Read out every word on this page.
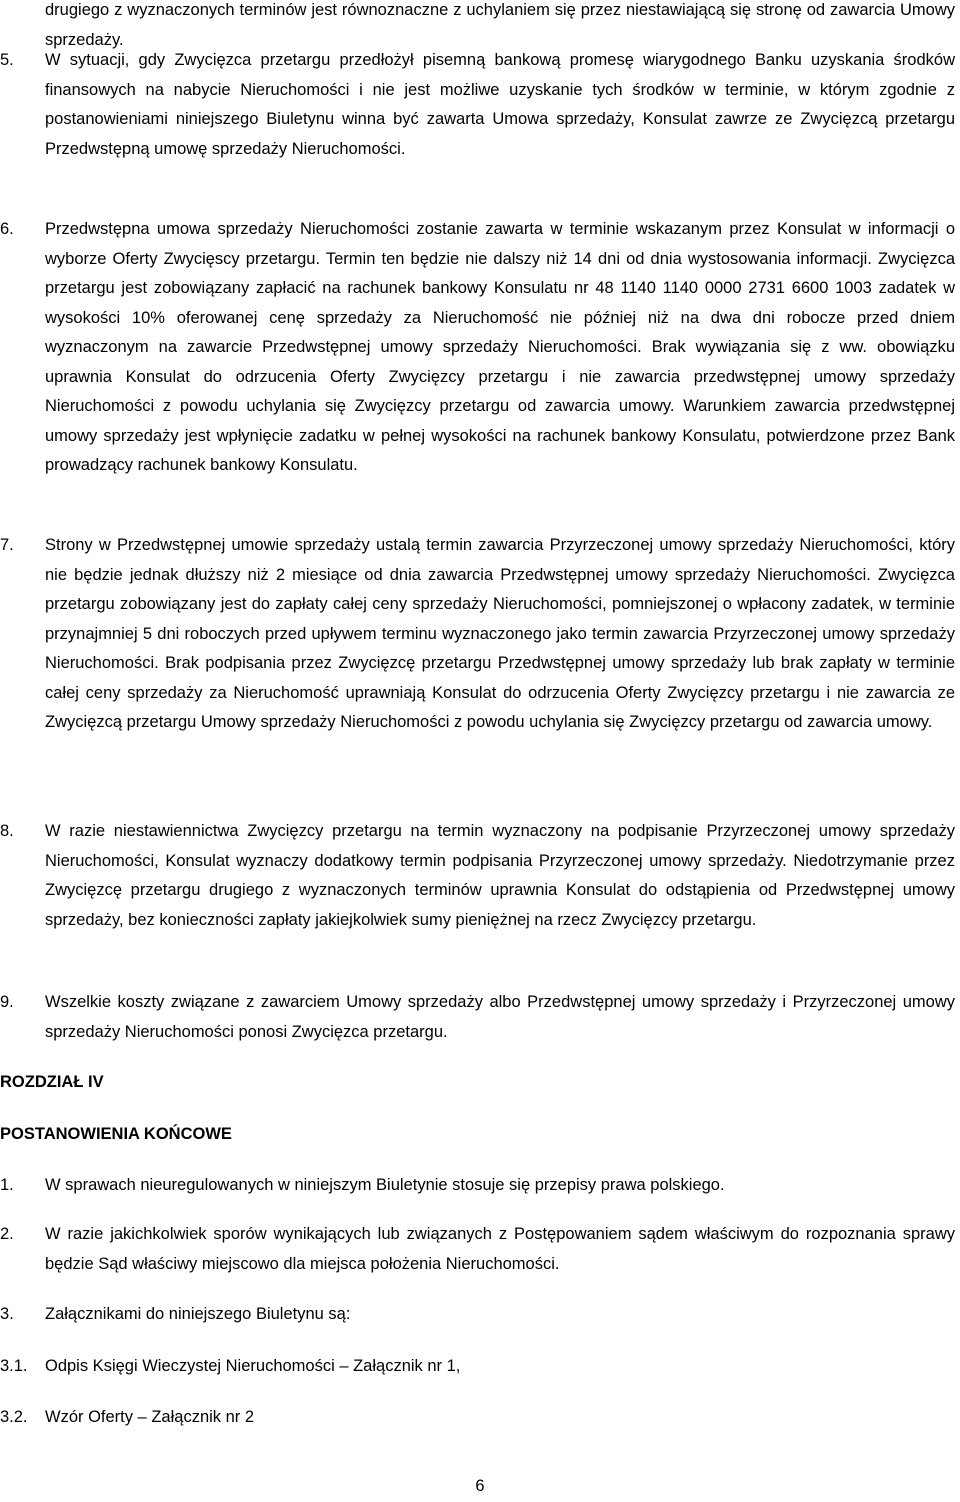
drugiego z wyznaczonych terminów jest równoznaczne z uchylaniem się przez niestawiającą się stronę od zawarcia Umowy sprzedaży.
5.	W sytuacji, gdy Zwycięzca przetargu przedłożył pisemną bankową promesę wiarygodnego Banku uzyskania środków finansowych na nabycie Nieruchomości i nie jest możliwe uzyskanie tych środków w terminie, w którym zgodnie z postanowieniami niniejszego Biuletynu winna być zawarta Umowa sprzedaży, Konsulat zawrze ze Zwycięzcą przetargu Przedwstępną umowę sprzedaży Nieruchomości.
6.	Przedwstępna umowa sprzedaży Nieruchomości zostanie zawarta w terminie wskazanym przez Konsulat w informacji o wyborze Oferty Zwycięscy przetargu. Termin ten będzie nie dalszy niż 14 dni od dnia wystosowania informacji. Zwycięzca przetargu jest zobowiązany zapłacić na rachunek bankowy Konsulatu nr 48 1140 1140 0000 2731 6600 1003 zadatek w wysokości 10% oferowanej cenę sprzedaży za Nieruchomość nie później niż na dwa dni robocze przed dniem wyznaczonym na zawarcie Przedwstępnej umowy sprzedaży Nieruchomości. Brak wywiązania się z ww. obowiązku uprawnia Konsulat do odrzucenia Oferty Zwycięzcy przetargu i nie zawarcia przedwstępnej umowy sprzedaży Nieruchomości z powodu uchylania się Zwycięzcy przetargu od zawarcia umowy. Warunkiem zawarcia przedwstępnej umowy sprzedaży jest wpłynięcie zadatku w pełnej wysokości na rachunek bankowy Konsulatu, potwierdzone przez Bank prowadzący rachunek bankowy Konsulatu.
7.	Strony w Przedwstępnej umowie sprzedaży ustalą termin zawarcia Przyrzeczonej umowy sprzedaży Nieruchomości, który nie będzie jednak dłuższy niż 2 miesiące od dnia zawarcia Przedwstępnej umowy sprzedaży Nieruchomości. Zwycięzca przetargu zobowiązany jest do zapłaty całej ceny sprzedaży Nieruchomości, pomniejszonej o wpłacony zadatek, w terminie przynajmniej 5 dni roboczych przed upływem terminu wyznaczonego jako termin zawarcia Przyrzeczonej umowy sprzedaży Nieruchomości. Brak podpisania przez Zwycięzcę przetargu Przedwstępnej umowy sprzedaży lub brak zapłaty w terminie całej ceny sprzedaży za Nieruchomość uprawniają Konsulat do odrzucenia Oferty Zwycięzcy przetargu i nie zawarcia ze Zwycięzcą przetargu Umowy sprzedaży Nieruchomości z powodu uchylania się Zwycięzcy przetargu od zawarcia umowy.
8.	W razie niestawiennictwa Zwycięzcy przetargu na termin wyznaczony na podpisanie Przyrzeczonej umowy sprzedaży Nieruchomości, Konsulat wyznaczy dodatkowy termin podpisania Przyrzeczonej umowy sprzedaży. Niedotrzymanie przez Zwycięzcę przetargu drugiego z wyznaczonych terminów uprawnia Konsulat do odstąpienia od Przedwstępnej umowy sprzedaży, bez konieczności zapłaty jakiejkolwiek sumy pieniężnej na rzecz Zwycięzcy przetargu.
9.	Wszelkie koszty związane z zawarciem Umowy sprzedaży albo Przedwstępnej umowy sprzedaży i Przyrzeczonej umowy sprzedaży Nieruchomości ponosi Zwycięzca przetargu.
ROZDZIAŁ IV
POSTANOWIENIA KOŃCOWE
1.	W sprawach nieuregulowanych w niniejszym Biuletynie stosuje się przepisy prawa polskiego.
2.	W razie jakichkolwiek sporów wynikających lub związanych z Postępowaniem sądem właściwym do rozpoznania sprawy będzie Sąd właściwy miejscowo dla miejsca położenia Nieruchomości.
3.	Załącznikami do niniejszego Biuletynu są:
3.1.	Odpis Księgi Wieczystej Nieruchomości – Załącznik nr 1,
3.2.	Wzór Oferty – Załącznik nr 2
6
